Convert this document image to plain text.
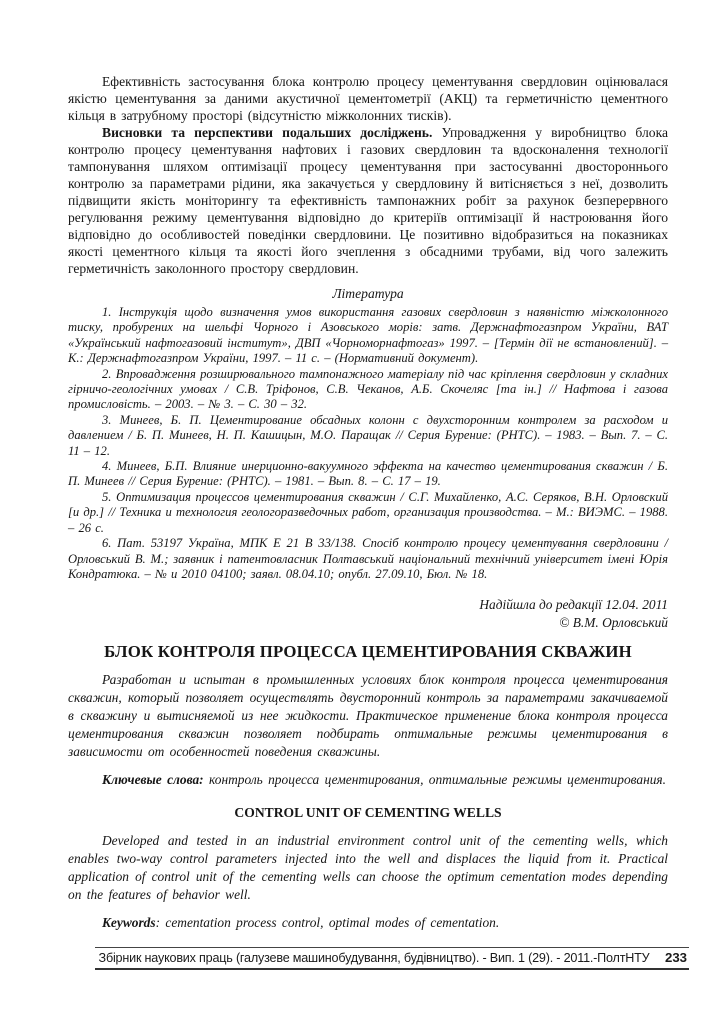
Ефективність застосування блока контролю процесу цементування свердловин оцінювалася якістю цементування за даними акустичної цементометрії (АКЦ) та герметичністю цементного кільця в затрубному просторі (відсутністю міжколонних тисків).

Висновки та перспективи подальших досліджень. Упровадження у виробництво блока контролю процесу цементування нафтових і газових свердловин та вдосконалення технології тампонування шляхом оптимізації процесу цементування при застосуванні двостороннього контролю за параметрами рідини, яка закачується у свердловину й витісняється з неї, дозволить підвищити якість моніторингу та ефективність тампонажних робіт за рахунок безперервного регулювання режиму цементування відповідно до критеріїв оптимізації й настроювання його відповідно до особливостей поведінки свердловини. Це позитивно відобразиться на показниках якості цементного кільця та якості його зчеплення з обсадними трубами, від чого залежить герметичність заколонного простору свердловин.

Література

1. Інструкція щодо визначення умов використання газових свердловин з наявністю міжколонного тиску, пробурених на шельфі Чорного і Азовського морів: затв. Держнафтогазпром України, ВАТ «Український нафтогазовий інститут», ДВП «Чорноморнафтогаз» 1997. – [Термін дії не встановлений]. – К.: Держнафтогазпром України, 1997. – 11 с. – (Нормативний документ).

2. Впровадження розширювального тампонажного матеріалу під час кріплення свердловин у складних гірничо-геологічних умовах / С.В. Тріфонов, С.В. Чеканов, А.Б. Скочеляс [та ін.] // Нафтова і газова промисловість. – 2003. – № 3. – С. 30 – 32.

3. Минеев, Б. П. Цементирование обсадных колонн с двухсторонним контролем за расходом и давлением / Б. П. Минеев, Н. П. Кашицын, М.О. Паращак // Серия Бурение: (РНТС). – 1983. – Вып. 7. – С. 11 – 12.

4. Минеев, Б.П. Влияние инерционно-вакуумного эффекта на качество цементирования скважин / Б. П. Минеев // Серия Бурение: (РНТС). – 1981. – Вып. 8. – С. 17 – 19.

5. Оптимизация процессов цементирования скважин / С.Г. Михайленко, А.С. Серяков, В.Н. Орловский [и др.] // Техника и технология геологоразведочных работ, организация производства. – М.: ВИЭМС. – 1988. – 26 с.

6. Пат. 53197 Україна, МПК Е 21 В 33/138. Спосіб контролю процесу цементування свердловини /Орловський В. М.; заявник і патентовласник Полтавський національний технічний університет імені Юрія Кондратюка. – № и 2010 04100; заявл. 08.04.10; опубл. 27.09.10, Бюл. № 18.

Надійшла до редакції 12.04. 2011
© В.М. Орловський
БЛОК КОНТРОЛЯ ПРОЦЕССА ЦЕМЕНТИРОВАНИЯ СКВАЖИН

Разработан и испытан в промышленных условиях блок контроля процесса цементирования скважин, который позволяет осуществлять двусторонний контроль за параметрами закачиваемой в скважину и вытисняемой из нее жидкости. Практическое применение блока контроля процесса цементирования скважин позволяет подбирать оптимальные режимы цементирования в зависимости от особенностей поведения скважины.

Ключевые слова: контроль процесса цементирования, оптимальные режимы цементирования.

CONTROL UNIT OF CEMENTING WELLS

Developed and tested in an industrial environment control unit of the cementing wells, which enables two-way control parameters injected into the well and displaces the liquid from it. Practical application of control unit of the cementing wells can choose the optimum cementation modes depending on the features of behavior well.

Keywords: cementation process control, optimal modes of cementation.

Збірник наукових праць (галузеве машинобудування, будівництво). - Вип. 1 (29). - 2011.-ПолтНТУ	233
